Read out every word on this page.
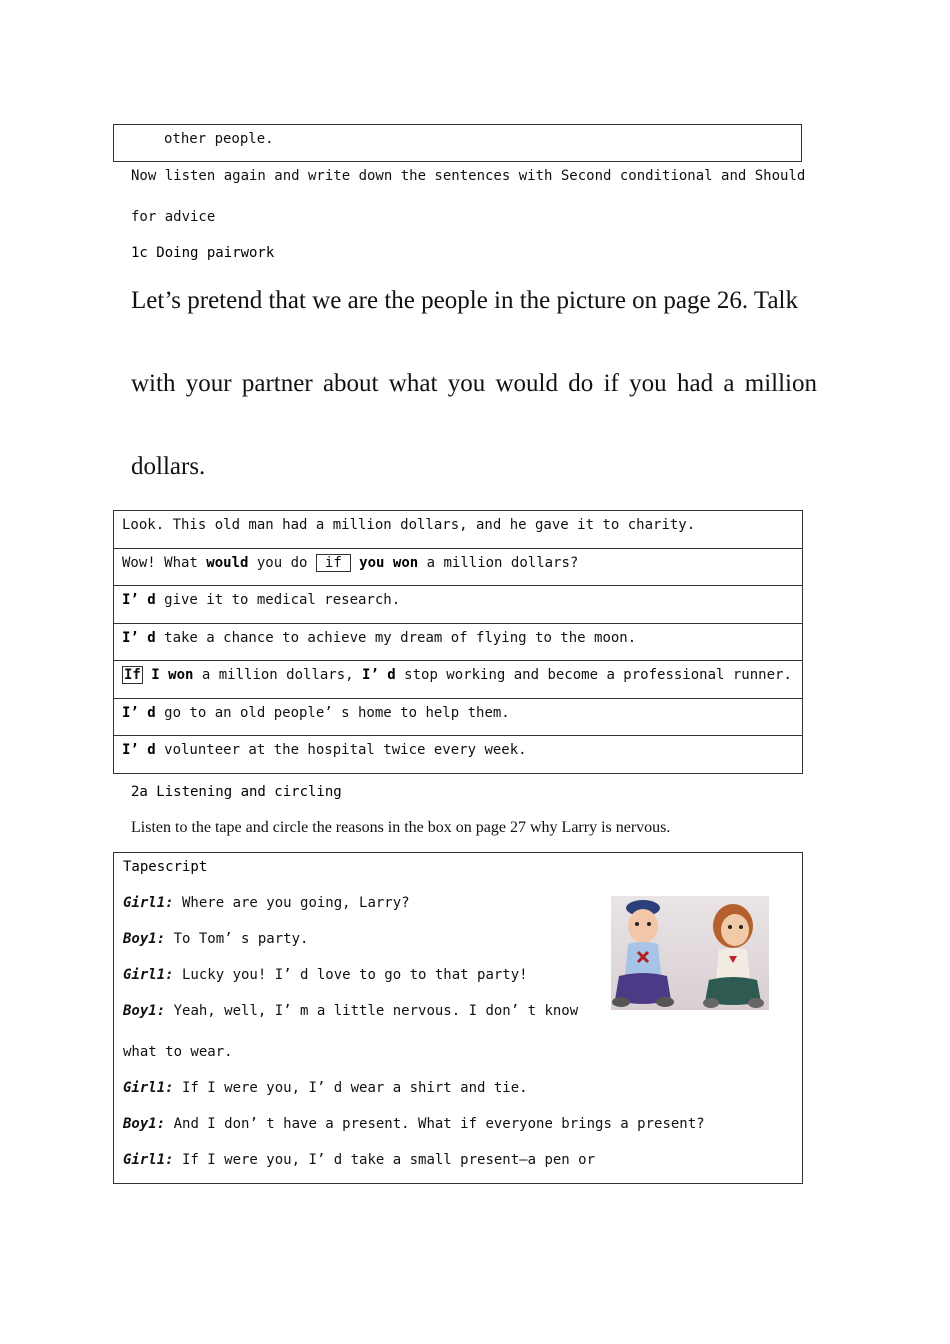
other people.
Now listen again and write down the sentences with Second conditional and Should
for advice
1c Doing pairwork
Let’s pretend that we are the people in the picture on page 26. Talk
with your partner about what you would do if you had a million
dollars.
Look. This old man had a million dollars, and he gave it to charity.
Wow! What would you do if you won a million dollars?
I’ d give it to medical research.
I’ d take a chance to achieve my dream of flying to the moon.
If I won a million dollars, I’ d stop working and become a professional runner.
I’ d go to an old people’ s home to help them.
I’ d volunteer at the hospital twice every week.
2a Listening and circling
Listen to the tape and circle the reasons in the box on page 27 why Larry is nervous.
Tapescript
Girl1: Where are you going, Larry?
Boy1: To Tom’ s party.
Girl1: Lucky you! I’ d love to go to that party!
Boy1: Yeah, well, I’ m a little nervous. I don’ t know
what to wear.
Girl1: If I were you, I’ d wear a shirt and tie.
Boy1: And I don’ t have a present. What if everyone brings a present?
Girl1: If I were you, I’ d take a small present—a pen or
